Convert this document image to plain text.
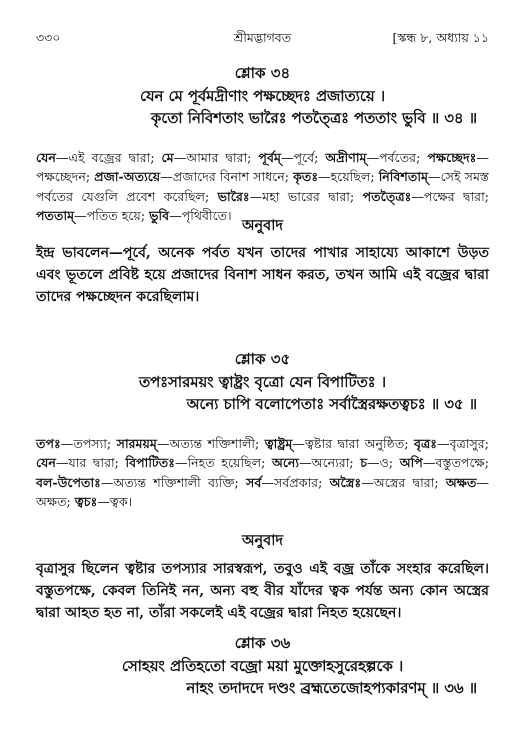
৩৩০	শ্রীমদ্ভাগবত	[স্কন্ধ ৮, অধ্যায় ১১
শ্লোক ৩৪
যেন মে পূর্বমদ্রীণাং পক্ষচ্ছেদঃ প্রজাত্যয়ে ।
কৃতো নিবিশতাং ভারৈঃ পতত্ত্রৈঃ পততাং ভুবি ॥ ৩৪ ॥
যেন—এই বজ্রের দ্বারা; মে—আমার দ্বারা; পূর্বম্—পূর্বে; অদ্রীণাম্—পর্বতের; পক্ষচ্ছেদঃ—পক্ষচ্ছেদন; প্রজা-অত্যয়ে—প্রজাদের বিনাশ সাধনে; কৃতঃ—হয়েছিল; নিবিশতাম্—সেই সমস্ত পর্বতের যেগুলি প্রবেশ করেছিল; ভারৈঃ—মহা ভারের দ্বারা; পতত্ত্রৈঃ—পক্ষের দ্বারা; পততাম্—পতিত হয়ে; ভুবি—পৃথিবীতে।
অনুবাদ
ইন্দ্র ভাবলেন—পূর্বে, অনেক পর্বত যখন তাদের পাখার সাহায্যে আকাশে উড়ত এবং ভূতলে প্রবিষ্ট হয়ে প্রজাদের বিনাশ সাধন করত, তখন আমি এই বজ্রের দ্বারা তাদের পক্ষচ্ছেদন করেছিলাম।
শ্লোক ৩৫
তপঃসারময়ং ত্বাষ্ট্রং বৃত্রো যেন বিপাটিতঃ ।
অন্যে চাপি বলোপেতাঃ সর্বাস্ত্রৈরক্ষতত্বচঃ ॥ ৩৫ ॥
তপঃ—তপস্যা; সারময়ম্—অত্যন্ত শক্তিশালী; ত্বাষ্ট্রম্—ত্বষ্টার দ্বারা অনুষ্ঠিত; বৃত্রঃ—বৃত্রাসুর; যেন—যার দ্বারা; বিপাটিতঃ—নিহত হয়েছিল; অন্যে—অন্যেরা; চ—ও; অপি—বস্তুতপক্ষে; বল-উপেতাঃ—অত্যন্ত শক্তিশালী ব্যক্তি; সর্ব—সর্বপ্রকার; অস্ত্রৈঃ—অস্ত্রের দ্বারা; অক্ষত—অক্ষত; ত্বচঃ—ত্বক।
অনুবাদ
বৃত্রাসুর ছিলেন ত্বষ্টার তপস্যার সারস্বরূপ, তবুও এই বজ্র তাঁকে সংহার করেছিল। বস্তুতপক্ষে, কেবল তিনিই নন, অন্য বহু বীর যাঁদের ত্বক পর্যন্ত অন্য কোন অস্ত্রের দ্বারা আহত হত না, তাঁরা সকলেই এই বজ্রের দ্বারা নিহত হয়েছেন।
শ্লোক ৩৬
সোহয়ং প্রতিহতো বজ্রো ময়া মুক্তোহসুরেহল্পকে ।
নাহং তদাদদে দণ্ডং ব্রহ্মতেজোহপ্যকারণম্ ॥ ৩৬ ॥
